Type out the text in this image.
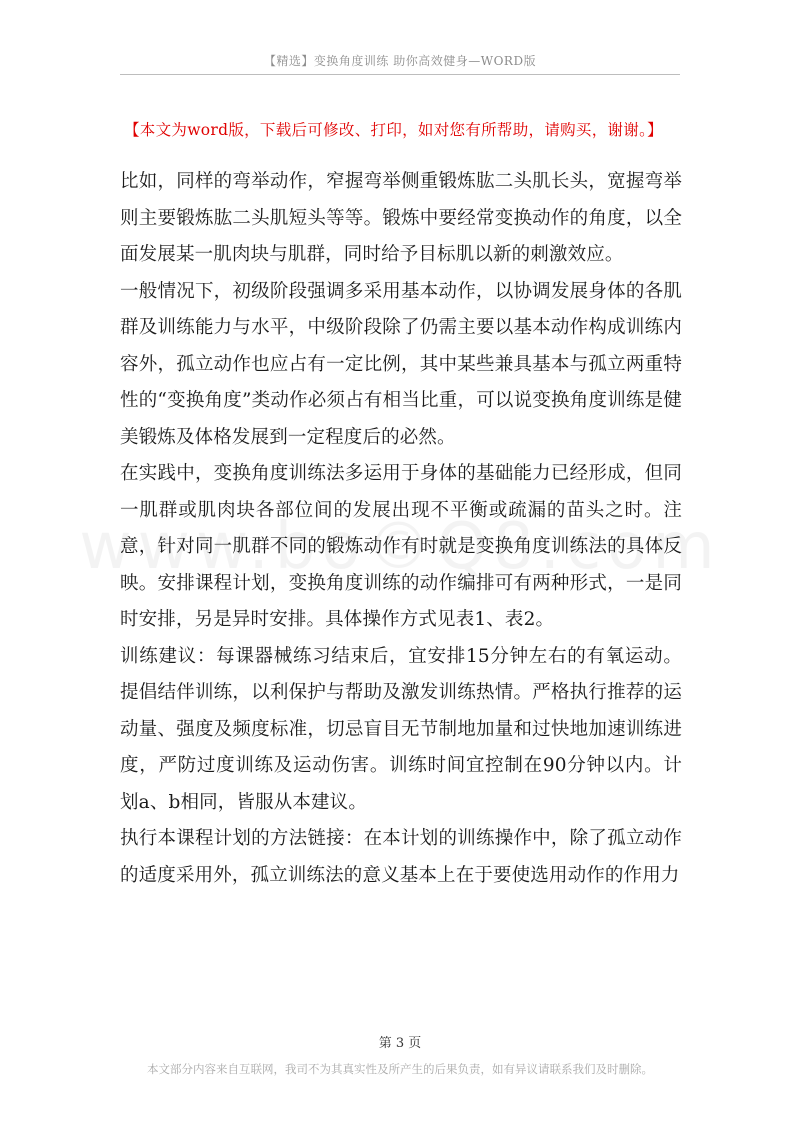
【精选】变换角度训练 助你高效健身—WORD版
【本文为word版，下载后可修改、打印，如对您有所帮助，请购买，谢谢。】

比如，同样的弯举动作，窄握弯举侧重锻炼肱二头肌长头，宽握弯举则主要锻炼肱二头肌短头等等。锻炼中要经常变换动作的角度，以全面发展某一肌肉块与肌群，同时给予目标肌以新的刺激效应。

一般情况下，初级阶段强调多采用基本动作，以协调发展身体的各肌群及训练能力与水平，中级阶段除了仍需主要以基本动作构成训练内容外，孤立动作也应占有一定比例，其中某些兼具基本与孤立两重特性的“变换角度”类动作必须占有相当比重，可以说变换角度训练是健美锻炼及体格发展到一定程度后的必然。

在实践中，变换角度训练法多运用于身体的基础能力已经形成，但同一肌群或肌肉块各部位间的发展出现不平衡或疏漏的苗头之时。注意，针对同一肌群不同的锻炼动作有时就是变换角度训练法的具体反映。安排课程计划，变换角度训练的动作编排可有两种形式，一是同时安排，另是异时安排。具体操作方式见表1、表2。

训练建议：每课器械练习结束后，宜安排15分钟左右的有氧运动。提倡结伴训练，以利保护与帮助及激发训练热情。严格执行推荐的运动量、强度及频度标准，切忌盲目无节制地加量和过快地加速训练进度，严防过度训练及运动伤害。训练时间宜控制在90分钟以内。计划a、b相同，皆服从本建议。

执行本课程计划的方法链接：在本计划的训练操作中，除了孤立动作的适度采用外，孤立训练法的意义基本上在于要使选用动作的作用力

第 3 页
本文部分内容来自互联网，我司不为其真实性及所产生的后果负责，如有异议请联系我们及时删除。
